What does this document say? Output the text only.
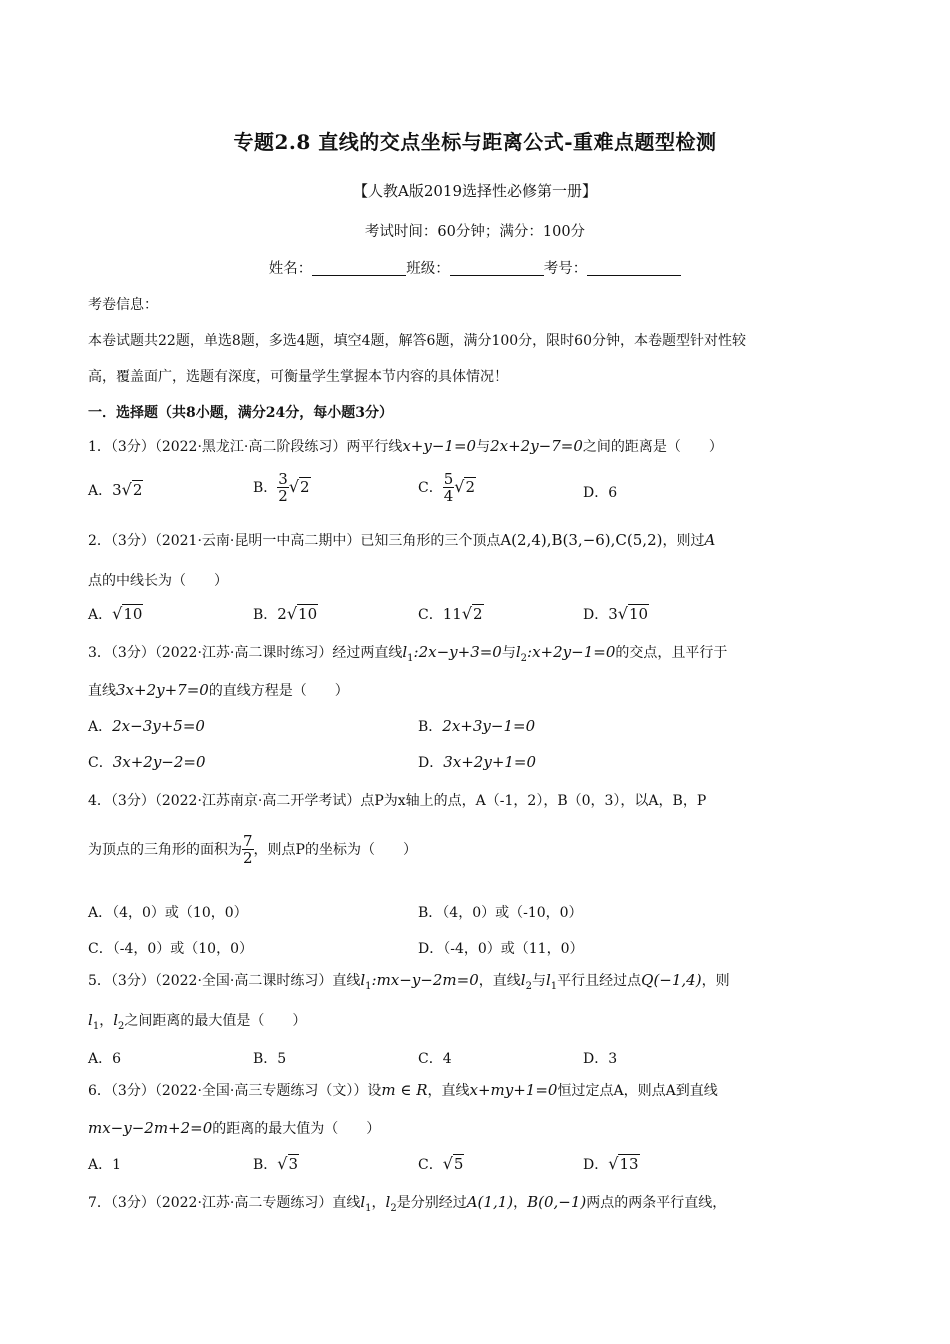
专题2.8 直线的交点坐标与距离公式-重难点题型检测
【人教A版2019选择性必修第一册】
考试时间：60分钟；满分：100分
姓名：	班级：	考号：
考卷信息：
本卷试题共22题，单选8题，多选4题，填空4题，解答6题，满分100分，限时60分钟，本卷题型针对性较
高，覆盖面广，选题有深度，可衡量学生掌握本节内容的具体情况！
一．选择题（共8小题，满分24分，每小题3分）
1．（3分）（2022·黑龙江·高二阶段练习）两平行线x+y−1=0与2x+2y−7=0之间的距离是（　　）
A．3√2	B． $\frac{3}{2} √2$	C． $\frac{5}{4} √2$	D．6
2．（3分）（2021·云南·昆明一中高二期中）已知三角形的三个顶点A(2,4),B(3,−6),C(5,2)，则过A
点的中线长为（　　）
A．√10	B．2√10	C．11√2	D．3√10
3．（3分）（2022·江苏·高二课时练习）经过两直线$l_1:2x-y+3=0$与$l_2:x+2y-1=0$的交点，且平行于
直线3x+2y+7=0的直线方程是（　　）
A．2x−3y+5=0	B．2x+3y−1=0
C．3x+2y−2=0	D．3x+2y+1=0
4．（3分）（2022·江苏南京·高二开学考试）点P为x轴上的点，A（-1，2），B（0，3），以A，B，P
为顶点的三角形的面积为 $\frac{7}{2}$ ，则点P的坐标为（　　）
A．（4，0）或（10，0）	B．（4，0）或（-10，0）
C．（-4，0）或（10，0）	D．（-4，0）或（11，0）
5．（3分）（2022·全国·高二课时练习）直线$l_1:mx-y-2m=0$，直线$l_2$与$l_1$平行且经过点Q(−1,4)，则
$l_1$，$l_2$之间距离的最大值是（　　）
A．6	B．5	C．4	D．3
6．（3分）（2022·全国·高三专题练习（文））设m ∈ R，直线x+my+1=0恒过定点A，则点A到直线
mx−y−2m+2=0的距离的最大值为（　　）
A．1	B．√3	C．√5	D．√13
7．（3分）（2022·江苏·高二专题练习）直线$l_1$，$l_2$是分别经过A(1,1)，B(0,−1)两点的两条平行直线，
